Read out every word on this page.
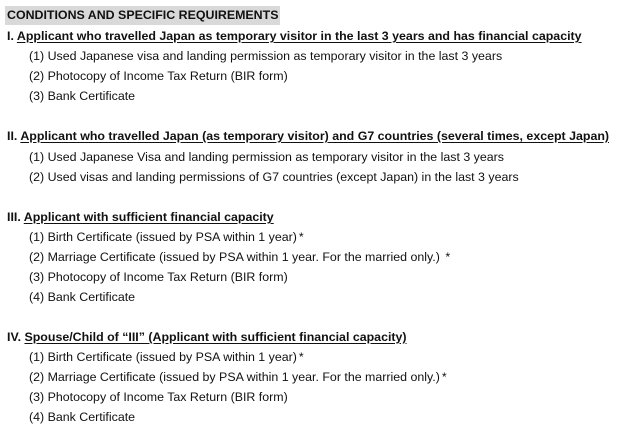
CONDITIONS AND SPECIFIC REQUIREMENTS
I. Applicant who travelled Japan as temporary visitor in the last 3 years and has financial capacity
(1) Used Japanese visa and landing permission as temporary visitor in the last 3 years
(2) Photocopy of Income Tax Return (BIR form)
(3) Bank Certificate
II. Applicant who travelled Japan (as temporary visitor) and G7 countries (several times, except Japan)
(1) Used Japanese Visa and landing permission as temporary visitor in the last 3 years
(2) Used visas and landing permissions of G7 countries (except Japan) in the last 3 years
III. Applicant with sufficient financial capacity
(1) Birth Certificate (issued by PSA within 1 year) *
(2) Marriage Certificate (issued by PSA within 1 year. For the married only.) *
(3) Photocopy of Income Tax Return (BIR form)
(4) Bank Certificate
IV. Spouse/Child of “III” (Applicant with sufficient financial capacity)
(1) Birth Certificate (issued by PSA within 1 year) *
(2) Marriage Certificate (issued by PSA within 1 year. For the married only.) *
(3) Photocopy of Income Tax Return (BIR form)
(4) Bank Certificate
